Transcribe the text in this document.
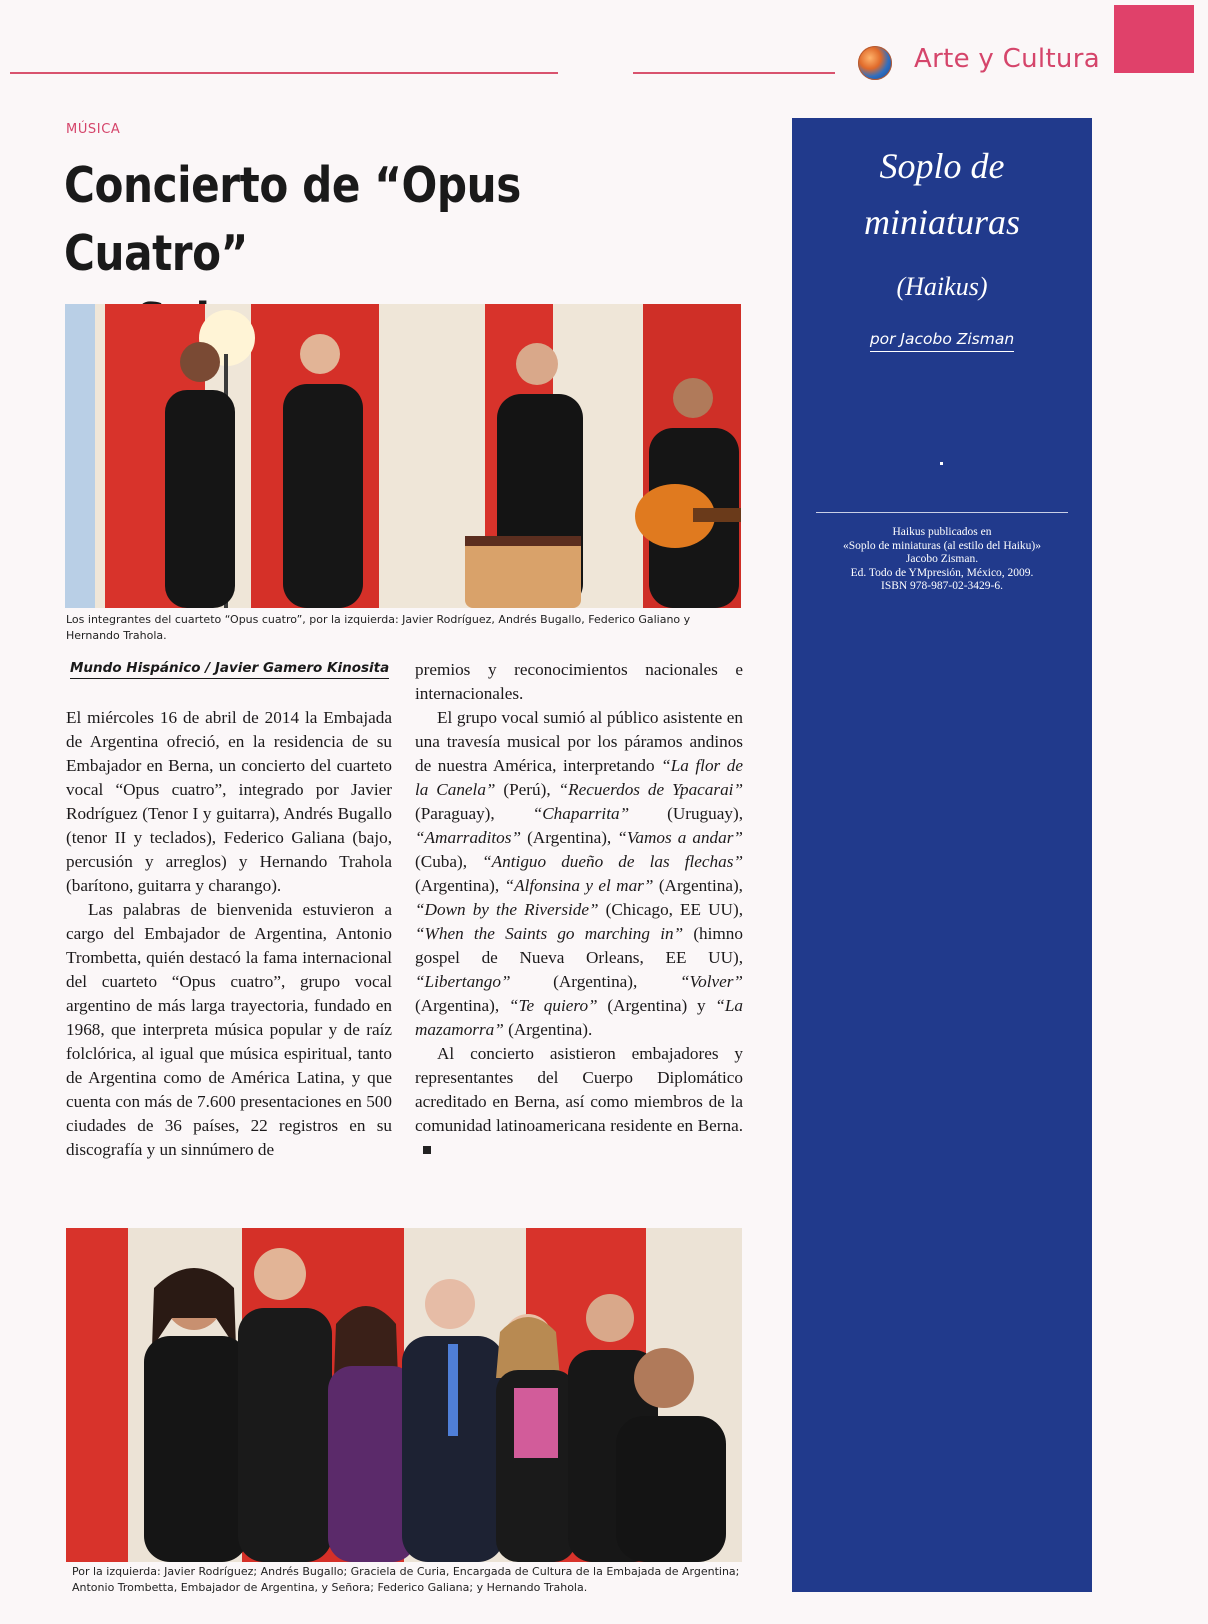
Arte y Cultura
MÚSICA
Concierto de “Opus Cuatro”

Los integrantes del cuarteto “Opus cuatro”, por la izquierda: Javier Rodríguez, Andrés Bugallo, Federico Galiano y Hernando Trahola.
Mundo Hispánico / Javier Gamero Kinosita

El miércoles 16 de abril de 2014 la Embajada de Argentina ofreció, en la residencia de su Embajador en Berna, un concierto del cuarteto vocal “Opus cuatro”, integrado por Javier Rodríguez (Tenor I y guitarra), Andrés Bugallo (tenor II y teclados), Federico Galiana (bajo, percusión y arreglos) y Hernando Trahola (barítono, guitarra y charango).

Las palabras de bienvenida estuvieron a cargo del Embajador de Argentina, Antonio Trombetta, quién destacó la fama internacional del cuarteto “Opus cuatro”, grupo vocal argentino de más larga trayectoria, fundado en 1968, que interpreta música popular y de raíz folclórica, al igual que música espiritual, tanto de Argentina como de América Latina, y que cuenta con más de 7.600 presentaciones en 500 ciudades de 36 países, 22 registros en su discografía y un sinnúmero de

premios y reconocimientos nacionales e internacionales.

El grupo vocal sumió al público asistente en una travesía musical por los páramos andinos de nuestra América, interpretando “La flor de la Canela” (Perú), “Recuerdos de Ypacarai” (Paraguay), “Chaparrita” (Uruguay), “Amarraditos” (Argentina), “Vamos a andar” (Cuba), “Antiguo dueño de las flechas” (Argentina), “Alfonsina y el mar” (Argentina), “Down by the Riverside” (Chicago, EE UU), “When the Saints go marching in” (himno gospel de Nueva Orleans, EE UU), “Libertango” (Argentina), “Volver” (Argentina), “Te quiero” (Argentina) y “La mazamorra” (Argentina).

Al concierto asistieron embajadores y representantes del Cuerpo Diplomático acreditado en Berna, así como miembros de la comunidad latinoamericana residente en Berna.

Por la izquierda: Javier Rodríguez; Andrés Bugallo; Graciela de Curia, Encargada de Cultura de la Embajada de Argentina;
Antonio Trombetta, Embajador de Argentina, y Señora; Federico Galiana; y Hernando Trahola.
Soplo de
miniaturas
(Haikus)
por Jacobo Zisman
Haikus publicados en
«Soplo de miniaturas (al estilo del Haiku)»
Jacobo Zisman.
Ed. Todo de YMpresión, México, 2009.
ISBN 978-987-02-3429-6.
